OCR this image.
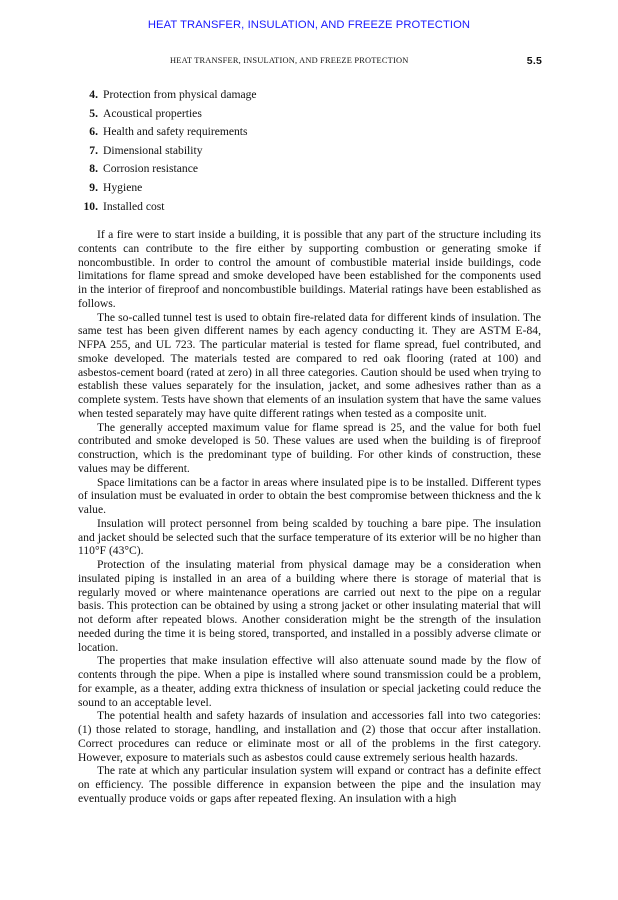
HEAT TRANSFER, INSULATION, AND FREEZE PROTECTION
HEAT TRANSFER, INSULATION, AND FREEZE PROTECTION	5.5
4. Protection from physical damage
5. Acoustical properties
6. Health and safety requirements
7. Dimensional stability
8. Corrosion resistance
9. Hygiene
10. Installed cost

If a fire were to start inside a building, it is possible that any part of the structure including its contents can contribute to the fire either by supporting combustion or generating smoke if noncombustible. In order to control the amount of combustible material inside buildings, code limitations for flame spread and smoke developed have been established for the components used in the interior of fireproof and noncombustible buildings. Material ratings have been established as follows.

The so-called tunnel test is used to obtain fire-related data for different kinds of insulation. The same test has been given different names by each agency conducting it. They are ASTM E-84, NFPA 255, and UL 723. The particular material is tested for flame spread, fuel contributed, and smoke developed. The materials tested are compared to red oak flooring (rated at 100) and asbestos-cement board (rated at zero) in all three categories. Caution should be used when trying to establish these values separately for the insulation, jacket, and some adhesives rather than as a complete system. Tests have shown that elements of an insulation system that have the same values when tested separately may have quite different ratings when tested as a composite unit.

The generally accepted maximum value for flame spread is 25, and the value for both fuel contributed and smoke developed is 50. These values are used when the building is of fireproof construction, which is the predominant type of building. For other kinds of construction, these values may be different.

Space limitations can be a factor in areas where insulated pipe is to be installed. Different types of insulation must be evaluated in order to obtain the best compromise between thickness and the k value.

Insulation will protect personnel from being scalded by touching a bare pipe. The insulation and jacket should be selected such that the surface temperature of its exterior will be no higher than 110°F (43°C).

Protection of the insulating material from physical damage may be a consideration when insulated piping is installed in an area of a building where there is storage of material that is regularly moved or where maintenance operations are carried out next to the pipe on a regular basis. This protection can be obtained by using a strong jacket or other insulating material that will not deform after repeated blows. Another consideration might be the strength of the insulation needed during the time it is being stored, transported, and installed in a possibly adverse climate or location.

The properties that make insulation effective will also attenuate sound made by the flow of contents through the pipe. When a pipe is installed where sound transmission could be a problem, for example, as a theater, adding extra thickness of insulation or special jacketing could reduce the sound to an acceptable level.

The potential health and safety hazards of insulation and accessories fall into two categories: (1) those related to storage, handling, and installation and (2) those that occur after installation. Correct procedures can reduce or eliminate most or all of the problems in the first category. However, exposure to materials such as asbestos could cause extremely serious health hazards.

The rate at which any particular insulation system will expand or contract has a definite effect on efficiency. The possible difference in expansion between the pipe and the insulation may eventually produce voids or gaps after repeated flexing. An insulation with a high
